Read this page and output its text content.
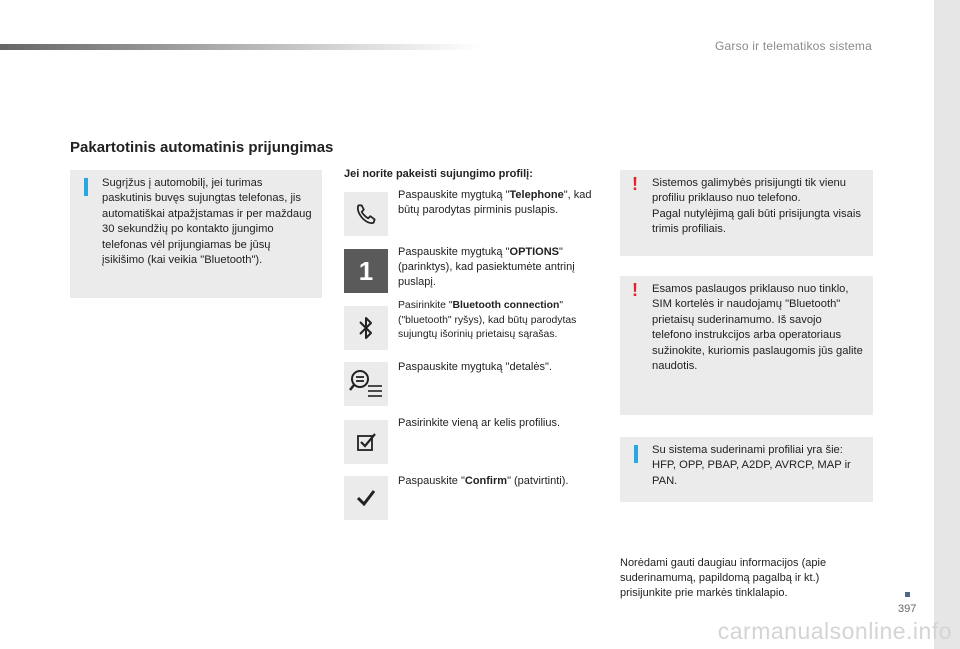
Garso ir telematikos sistema
397
Pakartotinis automatinis prijungimas
Sugrįžus į automobilį, jei turimas paskutinis buvęs sujungtas telefonas, jis automatiškai atpažįstamas ir per maždaug 30 sekundžių po kontakto įjungimo telefonas vėl prijungiamas be jūsų įsikišimo (kai veikia "Bluetooth").
Jei norite pakeisti sujungimo profilį:
Paspauskite mygtuką "Telephone", kad būtų parodytas pirminis puslapis.
1
Paspauskite mygtuką "OPTIONS" (parinktys), kad pasiektumėte antrinį puslapį.
Pasirinkite "Bluetooth connection" ("bluetooth" ryšys), kad būtų parodytas sujungtų išorinių prietaisų sąrašas.
Paspauskite mygtuką "detalės".
Pasirinkite vieną ar kelis profilius.
Paspauskite "Confirm" (patvirtinti).
! Sistemos galimybės prisijungti tik vienu profiliu priklauso nuo telefono.
Pagal nutylėjimą gali būti prisijungta visais trimis profiliais.
! Esamos paslaugos priklauso nuo tinklo, SIM kortelės ir naudojamų "Bluetooth" prietaisų suderinamumo. Iš savojo telefono instrukcijos arba operatoriaus sužinokite, kuriomis paslaugomis jūs galite naudotis.
Su sistema suderinami profiliai yra šie: HFP, OPP, PBAP, A2DP, AVRCP, MAP ir PAN.
Norėdami gauti daugiau informacijos (apie suderinamumą, papildomą pagalbą ir kt.) prisijunkite prie markės tinklalapio.
carmanualsonline.info
